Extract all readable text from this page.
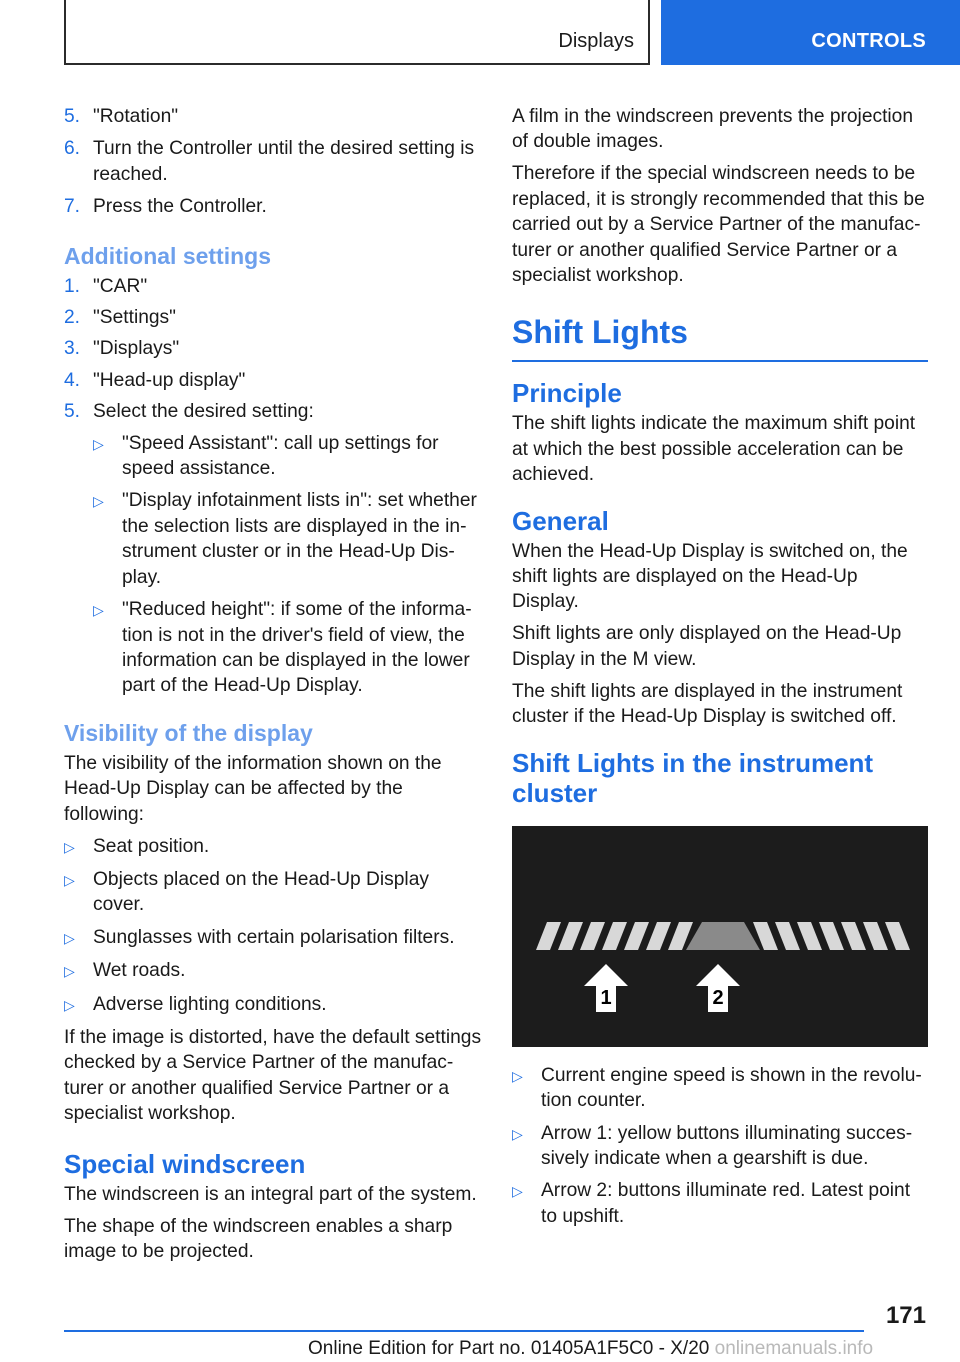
Displays	CONTROLS
5. "Rotation"
6. Turn the Controller until the desired setting is reached.
7. Press the Controller.
Additional settings
1. "CAR"
2. "Settings"
3. "Displays"
4. "Head-up display"
5. Select the desired setting:
▷ "Speed Assistant": call up settings for speed assistance.
▷ "Display infotainment lists in": set whether the selection lists are displayed in the instrument cluster or in the Head-Up Display.
▷ "Reduced height": if some of the information is not in the driver's field of view, the information can be displayed in the lower part of the Head-Up Display.
Visibility of the display

The visibility of the information shown on the Head-Up Display can be affected by the following:

▷ Seat position.
▷ Objects placed on the Head-Up Display cover.
▷ Sunglasses with certain polarisation filters.
▷ Wet roads.
▷ Adverse lighting conditions.

If the image is distorted, have the default settings checked by a Service Partner of the manufacturer or another qualified Service Partner or a specialist workshop.

Special windscreen

The windscreen is an integral part of the system.

The shape of the windscreen enables a sharp image to be projected.

A film in the windscreen prevents the projection of double images.

Therefore if the special windscreen needs to be replaced, it is strongly recommended that this be carried out by a Service Partner of the manufacturer or another qualified Service Partner or a specialist workshop.

Shift Lights
Principle

The shift lights indicate the maximum shift point at which the best possible acceleration can be achieved.

General

When the Head-Up Display is switched on, the shift lights are displayed on the Head-Up Display.

Shift lights are only displayed on the Head-Up Display in the M view.

The shift lights are displayed in the instrument cluster if the Head-Up Display is switched off.

Shift Lights in the instrument cluster
1	2
▷ Current engine speed is shown in the revolution counter.
▷ Arrow 1: yellow buttons illuminating successively indicate when a gearshift is due.
▷ Arrow 2: buttons illuminate red. Latest point to upshift.
171
Online Edition for Part no. 01405A1F5C0 - X/20 onlinemanuals.info
